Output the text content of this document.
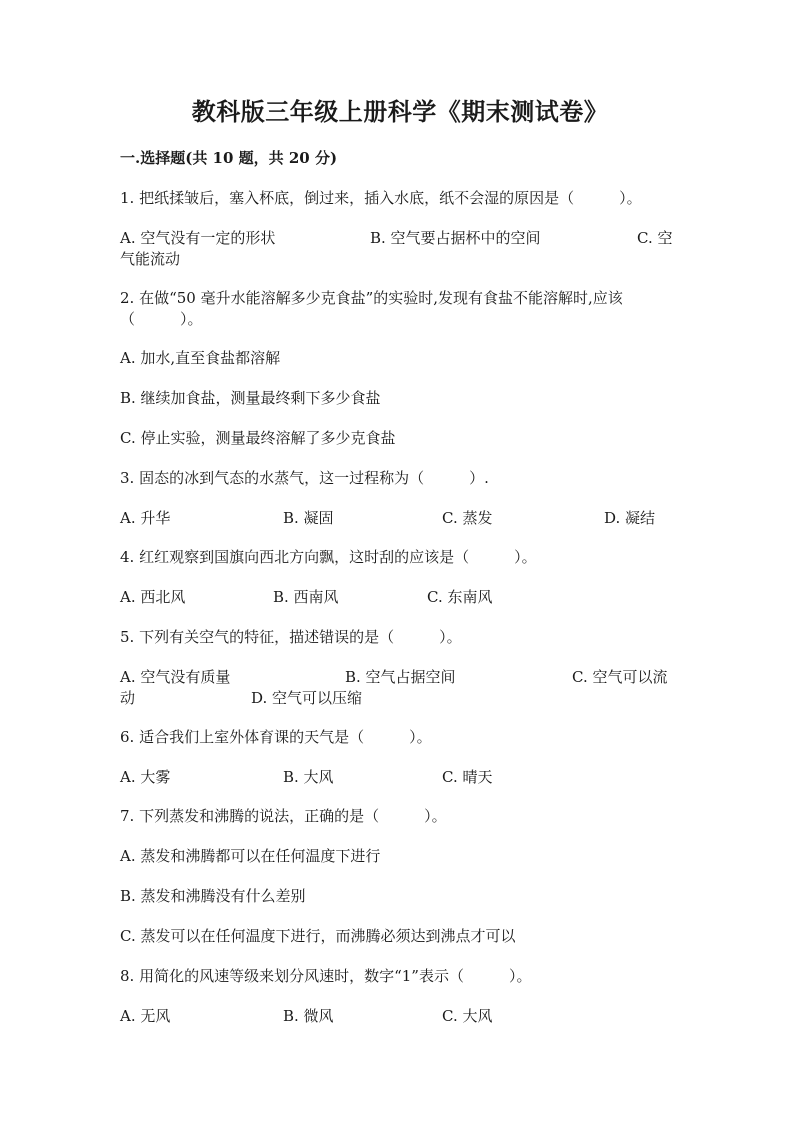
教科版三年级上册科学《期末测试卷》
一.选择题(共 10 题，共 20 分)
1. 把纸揉皱后，塞入杯底，倒过来，插入水底，纸不会湿的原因是（　　　）。
A. 空气没有一定的形状	B. 空气要占据杯中的空间	C. 空
气能流动
2. 在做“50 毫升水能溶解多少克食盐”的实验时,发现有食盐不能溶解时,应该
（　　　）。
A. 加水,直至食盐都溶解
B. 继续加食盐，测量最终剩下多少食盐
C. 停止实验，测量最终溶解了多少克食盐
3. 固态的冰到气态的水蒸气，这一过程称为（　　　）.
A. 升华	B. 凝固	C. 蒸发	D. 凝结
4. 红红观察到国旗向西北方向飘，这时刮的应该是（　　　）。
A. 西北风	B. 西南风	C. 东南风
5. 下列有关空气的特征，描述错误的是（　　　）。
A. 空气没有质量	B. 空气占据空间	C. 空气可以流
动	D. 空气可以压缩
6. 适合我们上室外体育课的天气是（　　　）。
A. 大雾	B. 大风	C. 晴天
7. 下列蒸发和沸腾的说法，正确的是（　　　）。
A. 蒸发和沸腾都可以在任何温度下进行
B. 蒸发和沸腾没有什么差别
C. 蒸发可以在任何温度下进行，而沸腾必须达到沸点才可以
8. 用简化的风速等级来划分风速时，数字“1”表示（　　　）。
A. 无风	B. 微风	C. 大风
